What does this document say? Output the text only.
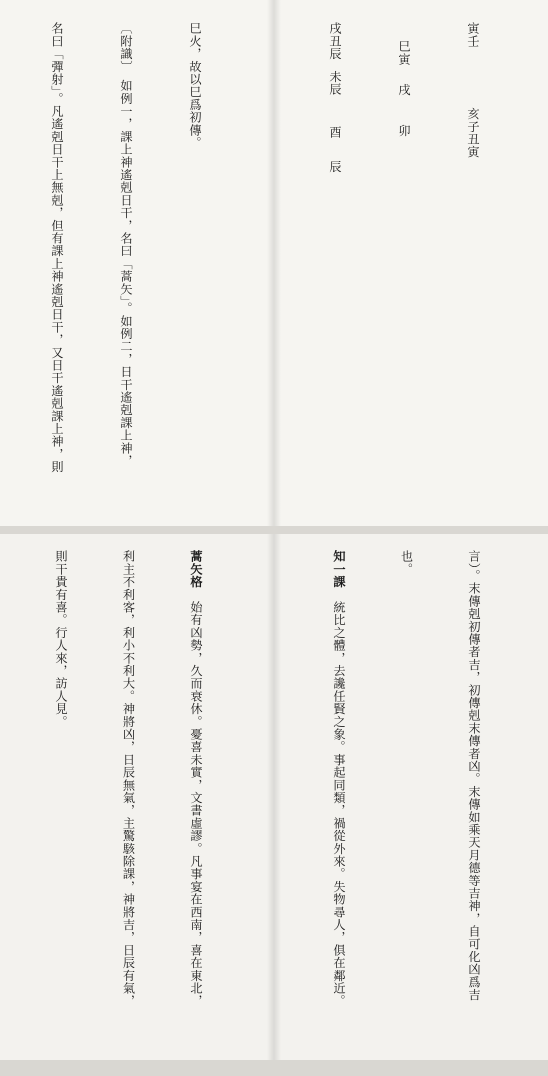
寅壬亥子丑寅

巳寅戌卯

戌丑辰未辰酉辰

巳火，故以巳爲初傳。

〔附識〕　如例一，課上神遙剋日干，名曰「蒿矢」。如例二，日干遙剋課上神，

名曰「彈射」。凡遙剋日干上無剋，但有課上神遙剋日干，又日干遙剋課上神，則

言）。末傳剋初傳者吉，初傳剋末傳者凶。末傳如乘天月德等吉神，自可化凶爲吉

也。

知一課　統比之體，去讒任賢之象。事起同類，禍從外來。失物尋人，俱在鄰近。

蒿矢格　始有凶勢，久而衰休。憂喜未實，文書虛謬。凡事宴在西南，喜在東北，

利主不利客，利小不利大。神將凶，日辰無氣，主驚駭除課，神將吉，日辰有氣，

則干貴有喜。行人來，訪人見。
